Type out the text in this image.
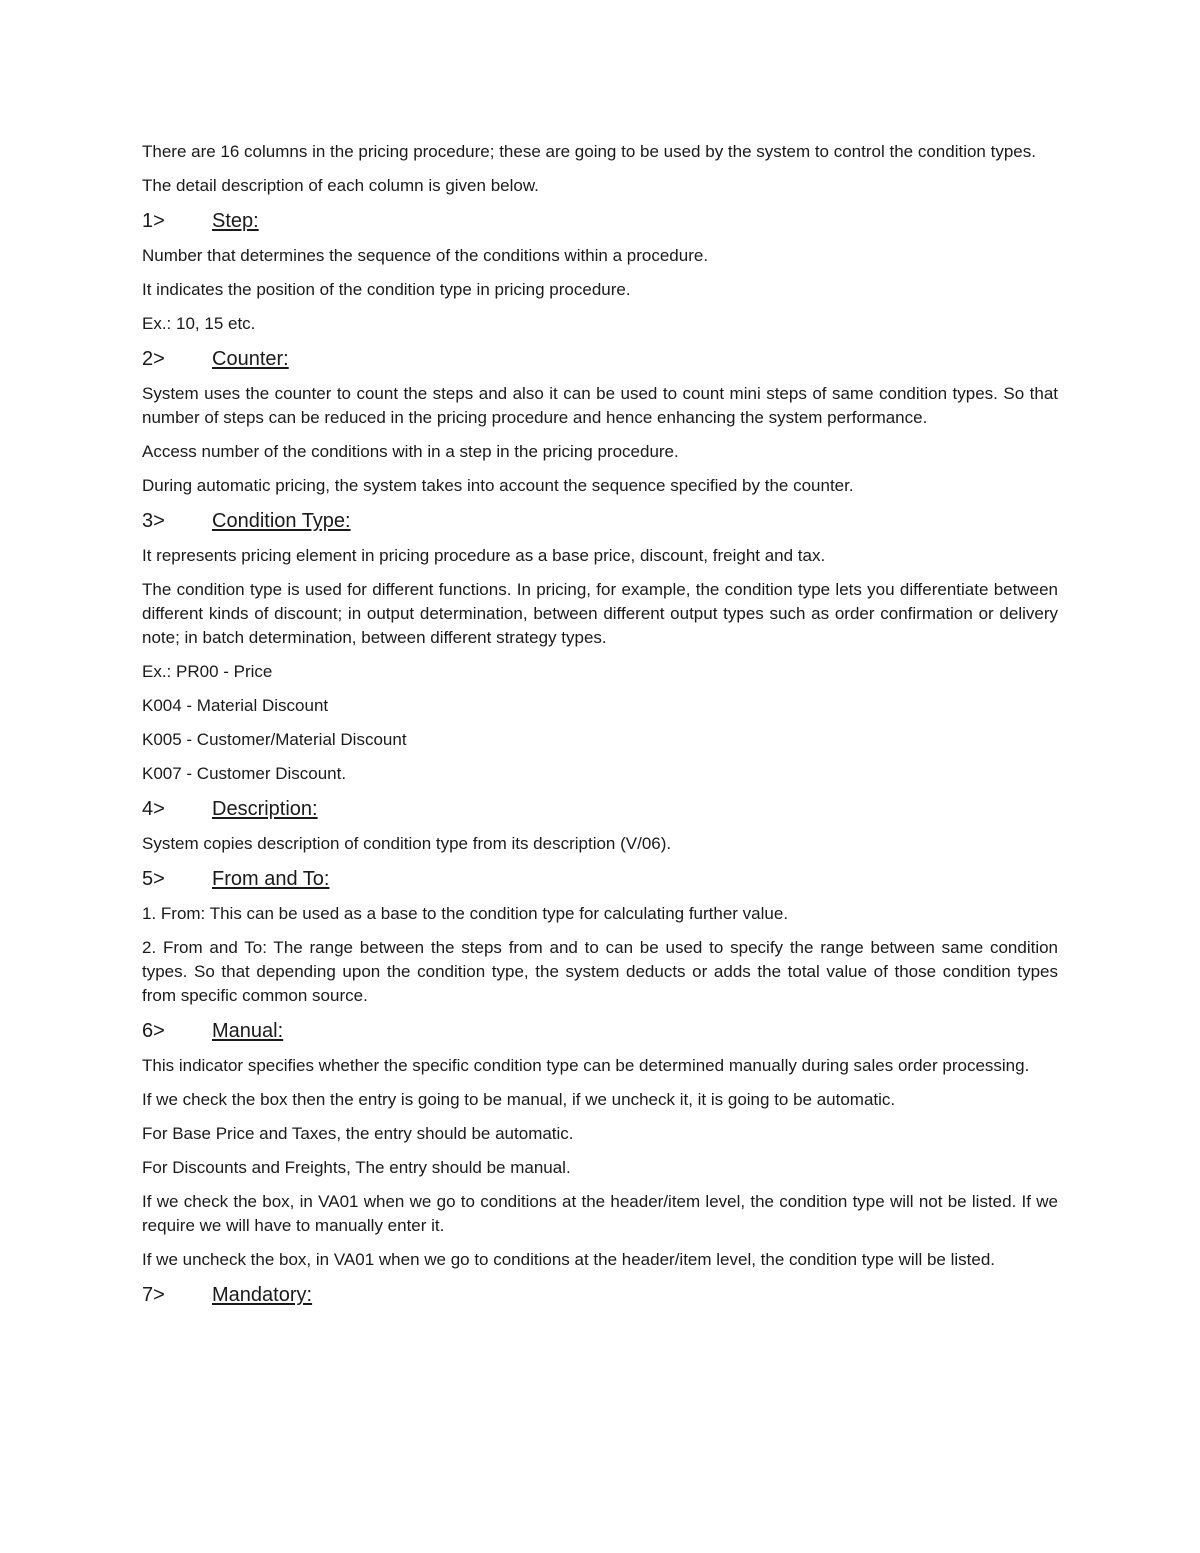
There are 16 columns in the pricing procedure; these are going to be used by the system to control the condition types.

The detail description of each column is given below.

1>	Step:

Number that determines the sequence of the conditions within a procedure.

It indicates the position of the condition type in pricing procedure.

Ex.: 10, 15 etc.

2>	Counter:

System uses the counter to count the steps and also it can be used to count mini steps of same condition types. So that number of steps can be reduced in the pricing procedure and hence enhancing the system performance.

Access number of the conditions with in a step in the pricing procedure.

During automatic pricing, the system takes into account the sequence specified by the counter.

3>	Condition Type:

It represents pricing element in pricing procedure as a base price, discount, freight and tax.

The condition type is used for different functions. In pricing, for example, the condition type lets you differentiate between different kinds of discount; in output determination, between different output types such as order confirmation or delivery note; in batch determination, between different strategy types.

Ex.: PR00 - Price

K004 - Material Discount

K005 - Customer/Material Discount

K007 - Customer Discount.

4>	Description:

System copies description of condition type from its description (V/06).

5>	From and To:

1. From: This can be used as a base to the condition type for calculating further value.

2. From and To: The range between the steps from and to can be used to specify the range between same condition types. So that depending upon the condition type, the system deducts or adds the total value of those condition types from specific common source.

6>	Manual:

This indicator specifies whether the specific condition type can be determined manually during sales order processing.

If we check the box then the entry is going to be manual, if we uncheck it, it is going to be automatic.

For Base Price and Taxes, the entry should be automatic.

For Discounts and Freights, The entry should be manual.

If we check the box, in VA01 when we go to conditions at the header/item level, the condition type will not be listed. If we require we will have to manually enter it.

If we uncheck the box, in VA01 when we go to conditions at the header/item level, the condition type will be listed.

7>	Mandatory:
